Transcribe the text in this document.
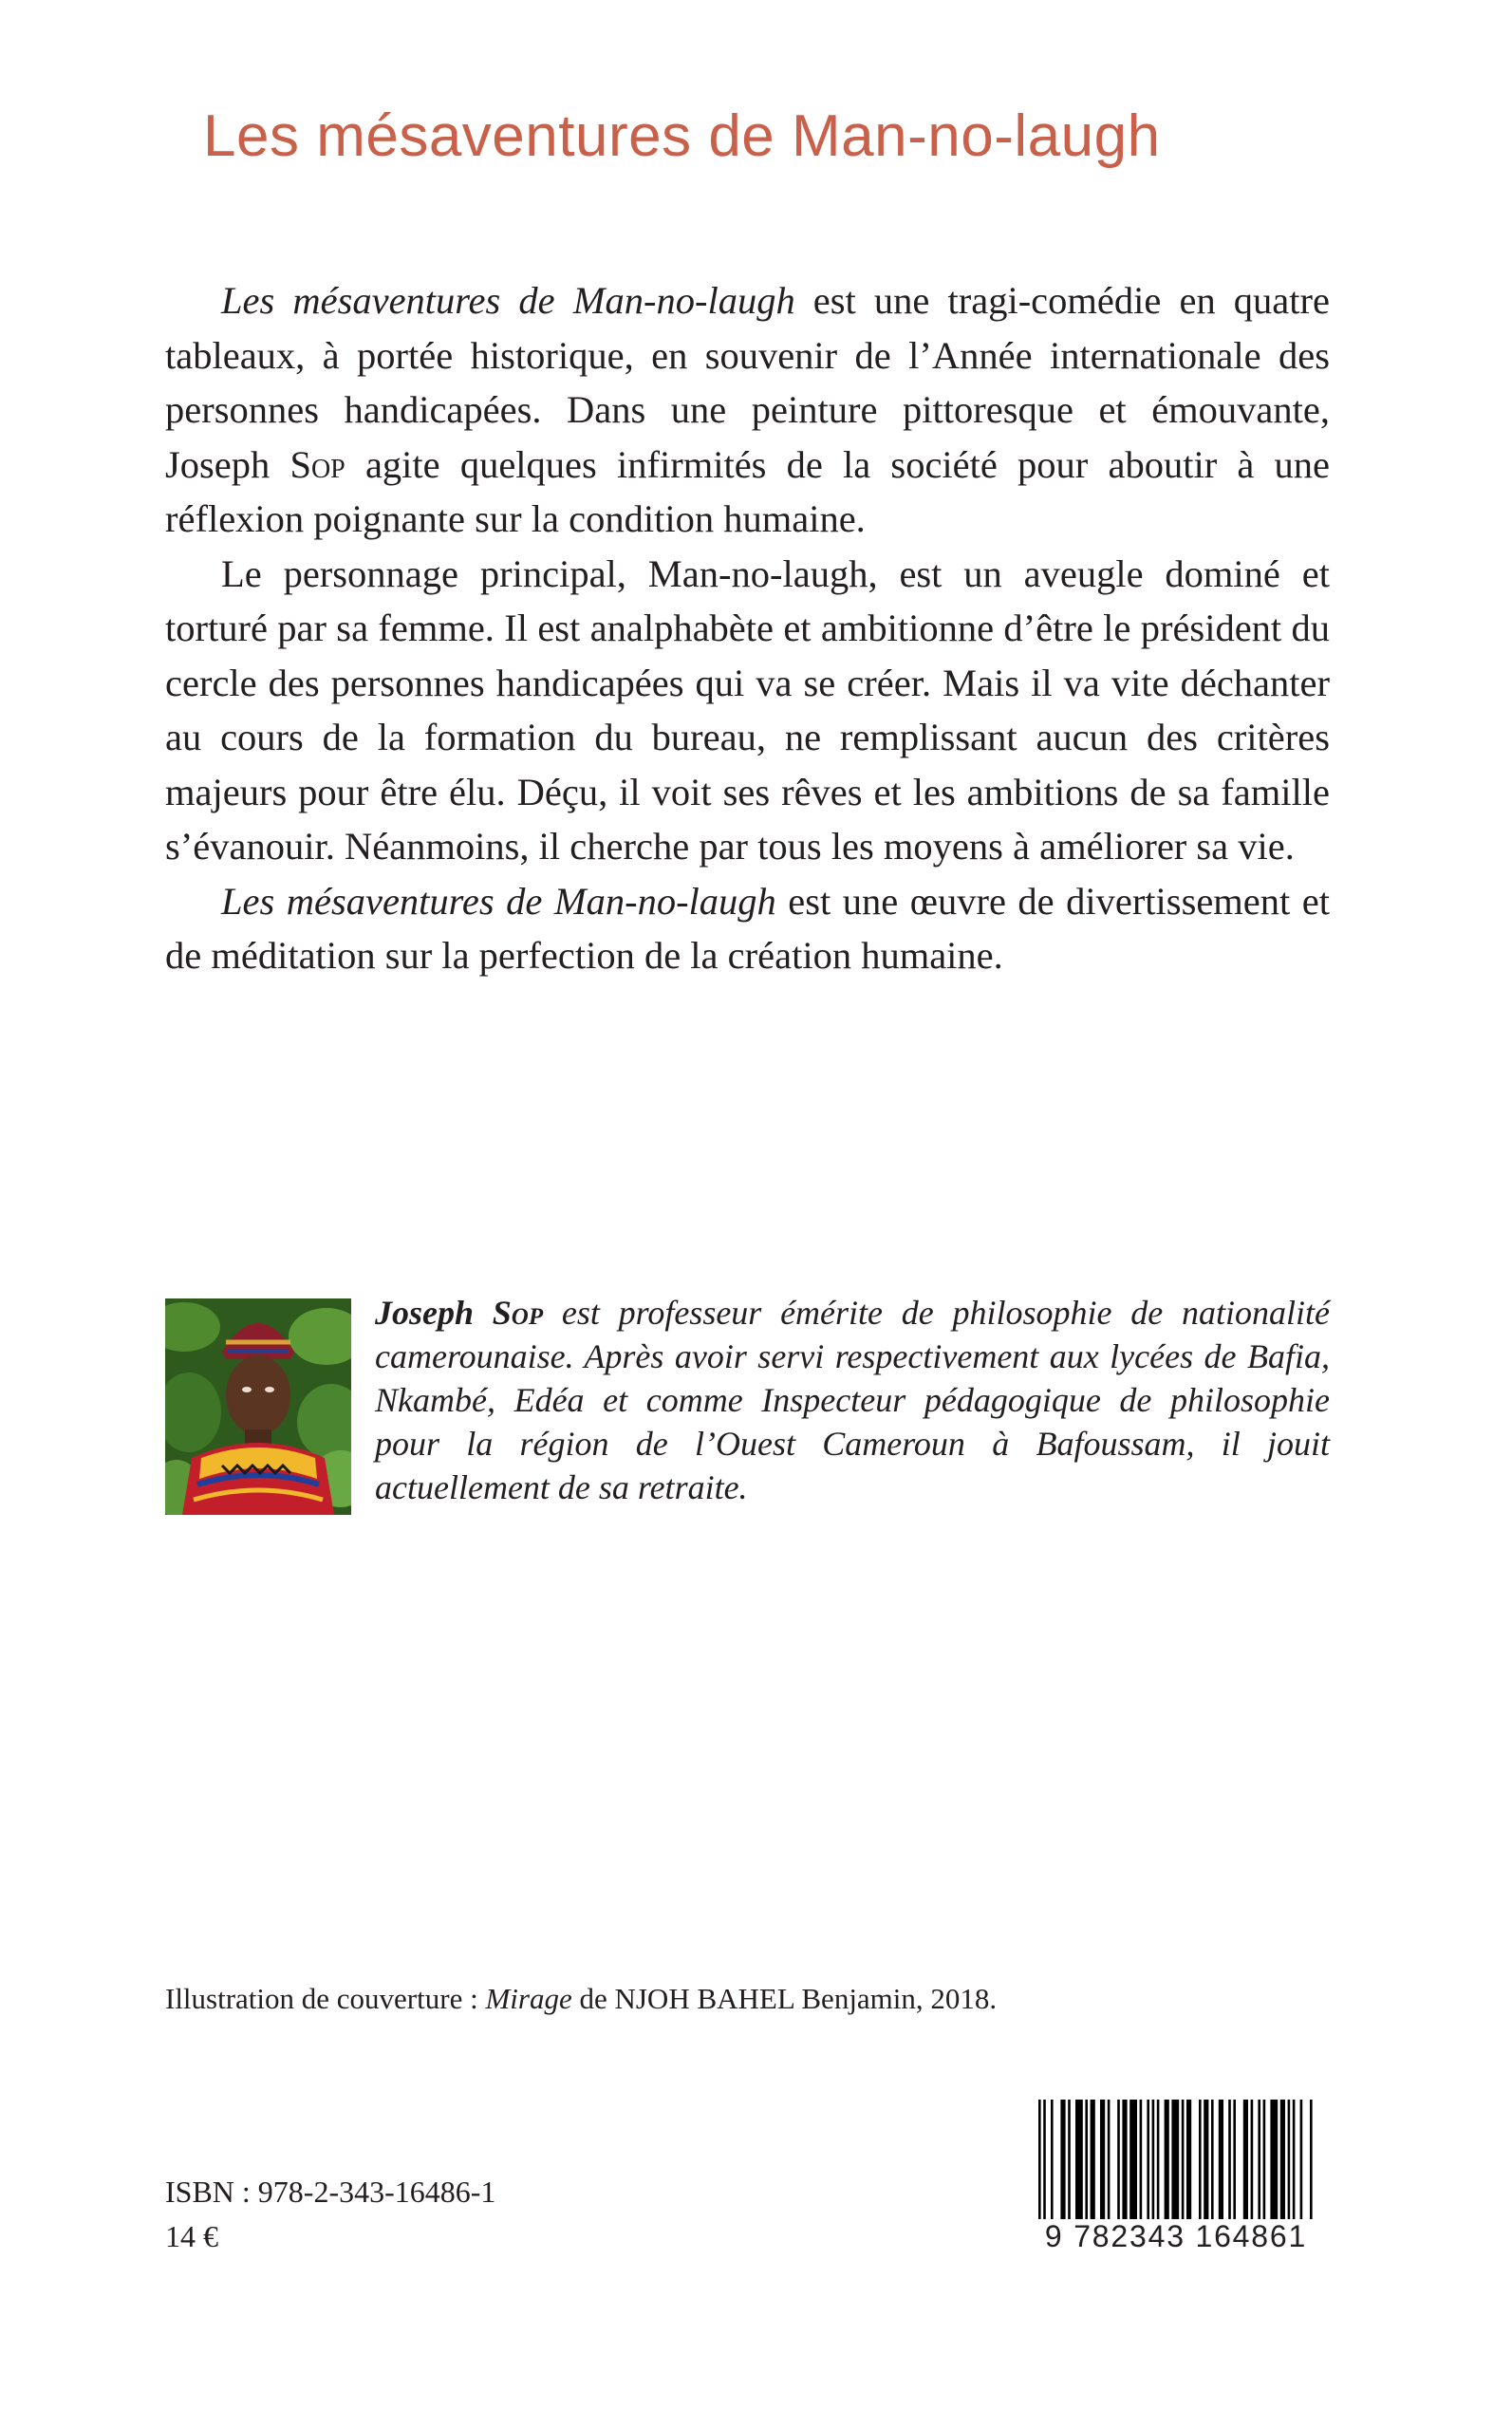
Les mésaventures de Man-no-laugh

Les mésaventures de Man-no-laugh est une tragi-comédie en quatre tableaux, à portée historique, en souvenir de l’Année internationale des personnes handicapées. Dans une peinture pittoresque et émouvante, Joseph Sop agite quelques infirmités de la société pour aboutir à une réflexion poignante sur la condition humaine.

Le personnage principal, Man-no-laugh, est un aveugle dominé et torturé par sa femme. Il est analphabète et ambitionne d’être le président du cercle des personnes handicapées qui va se créer. Mais il va vite déchanter au cours de la formation du bureau, ne remplissant aucun des critères majeurs pour être élu. Déçu, il voit ses rêves et les ambitions de sa famille s’évanouir. Néanmoins, il cherche par tous les moyens à améliorer sa vie.

Les mésaventures de Man-no-laugh est une œuvre de divertissement et de méditation sur la perfection de la création humaine.

Joseph Sop est professeur émérite de philosophie de nationalité camerounaise. Après avoir servi respectivement aux lycées de Bafia, Nkambé, Edéa et comme Inspecteur pédagogique de philosophie pour la région de l’Ouest Cameroun à Bafoussam, il jouit actuellement de sa retraite.
Illustration de couverture : Mirage de NJOH BAHEL Benjamin, 2018.
ISBN : 978-2-343-16486-1
14 €	9 782343 164861
